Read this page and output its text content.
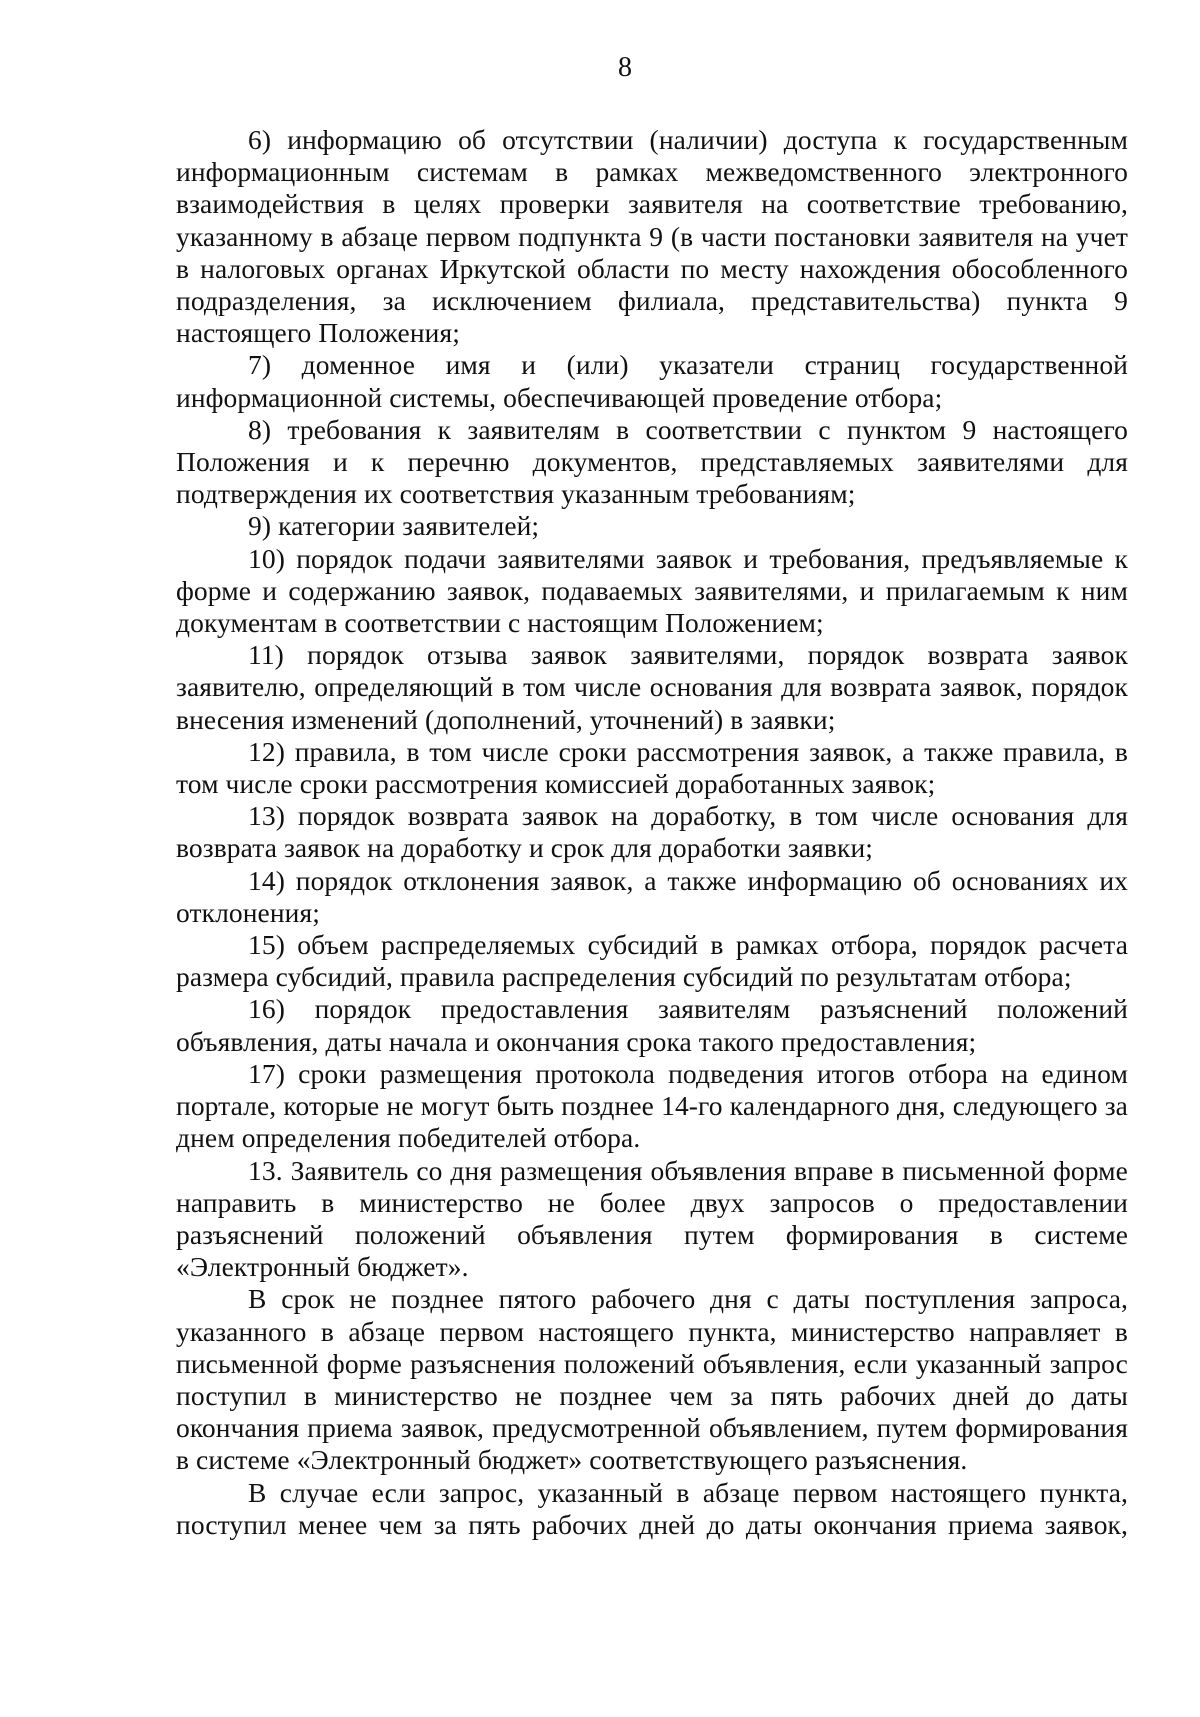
8

6) информацию об отсутствии (наличии) доступа к государственным информационным системам в рамках межведомственного электронного взаимодействия в целях проверки заявителя на соответствие требованию, указанному в абзаце первом подпункта 9 (в части постановки заявителя на учет в налоговых органах Иркутской области по месту нахождения обособленного подразделения, за исключением филиала, представительства) пункта 9 настоящего Положения;

7) доменное имя и (или) указатели страниц государственной информационной системы, обеспечивающей проведение отбора;

8) требования к заявителям в соответствии с пунктом 9 настоящего Положения и к перечню документов, представляемых заявителями для подтверждения их соответствия указанным требованиям;

9) категории заявителей;

10) порядок подачи заявителями заявок и требования, предъявляемые к форме и содержанию заявок, подаваемых заявителями, и прилагаемым к ним документам в соответствии с настоящим Положением;

11) порядок отзыва заявок заявителями, порядок возврата заявок заявителю, определяющий в том числе основания для возврата заявок, порядок внесения изменений (дополнений, уточнений) в заявки;

12) правила, в том числе сроки рассмотрения заявок, а также правила, в том числе сроки рассмотрения комиссией доработанных заявок;

13) порядок возврата заявок на доработку, в том числе основания для возврата заявок на доработку и срок для доработки заявки;

14) порядок отклонения заявок, а также информацию об основаниях их отклонения;

15) объем распределяемых субсидий в рамках отбора, порядок расчета размера субсидий, правила распределения субсидий по результатам отбора;

16) порядок предоставления заявителям разъяснений положений объявления, даты начала и окончания срока такого предоставления;

17) сроки размещения протокола подведения итогов отбора на едином портале, которые не могут быть позднее 14-го календарного дня, следующего за днем определения победителей отбора.

13. Заявитель со дня размещения объявления вправе в письменной форме направить в министерство не более двух запросов о предоставлении разъяснений положений объявления путем формирования в системе «Электронный бюджет».

В срок не позднее пятого рабочего дня с даты поступления запроса, указанного в абзаце первом настоящего пункта, министерство направляет в письменной форме разъяснения положений объявления, если указанный запрос поступил в министерство не позднее чем за пять рабочих дней до даты окончания приема заявок, предусмотренной объявлением, путем формирования в системе «Электронный бюджет» соответствующего разъяснения.

В случае если запрос, указанный в абзаце первом настоящего пункта, поступил менее чем за пять рабочих дней до даты окончания приема заявок,
